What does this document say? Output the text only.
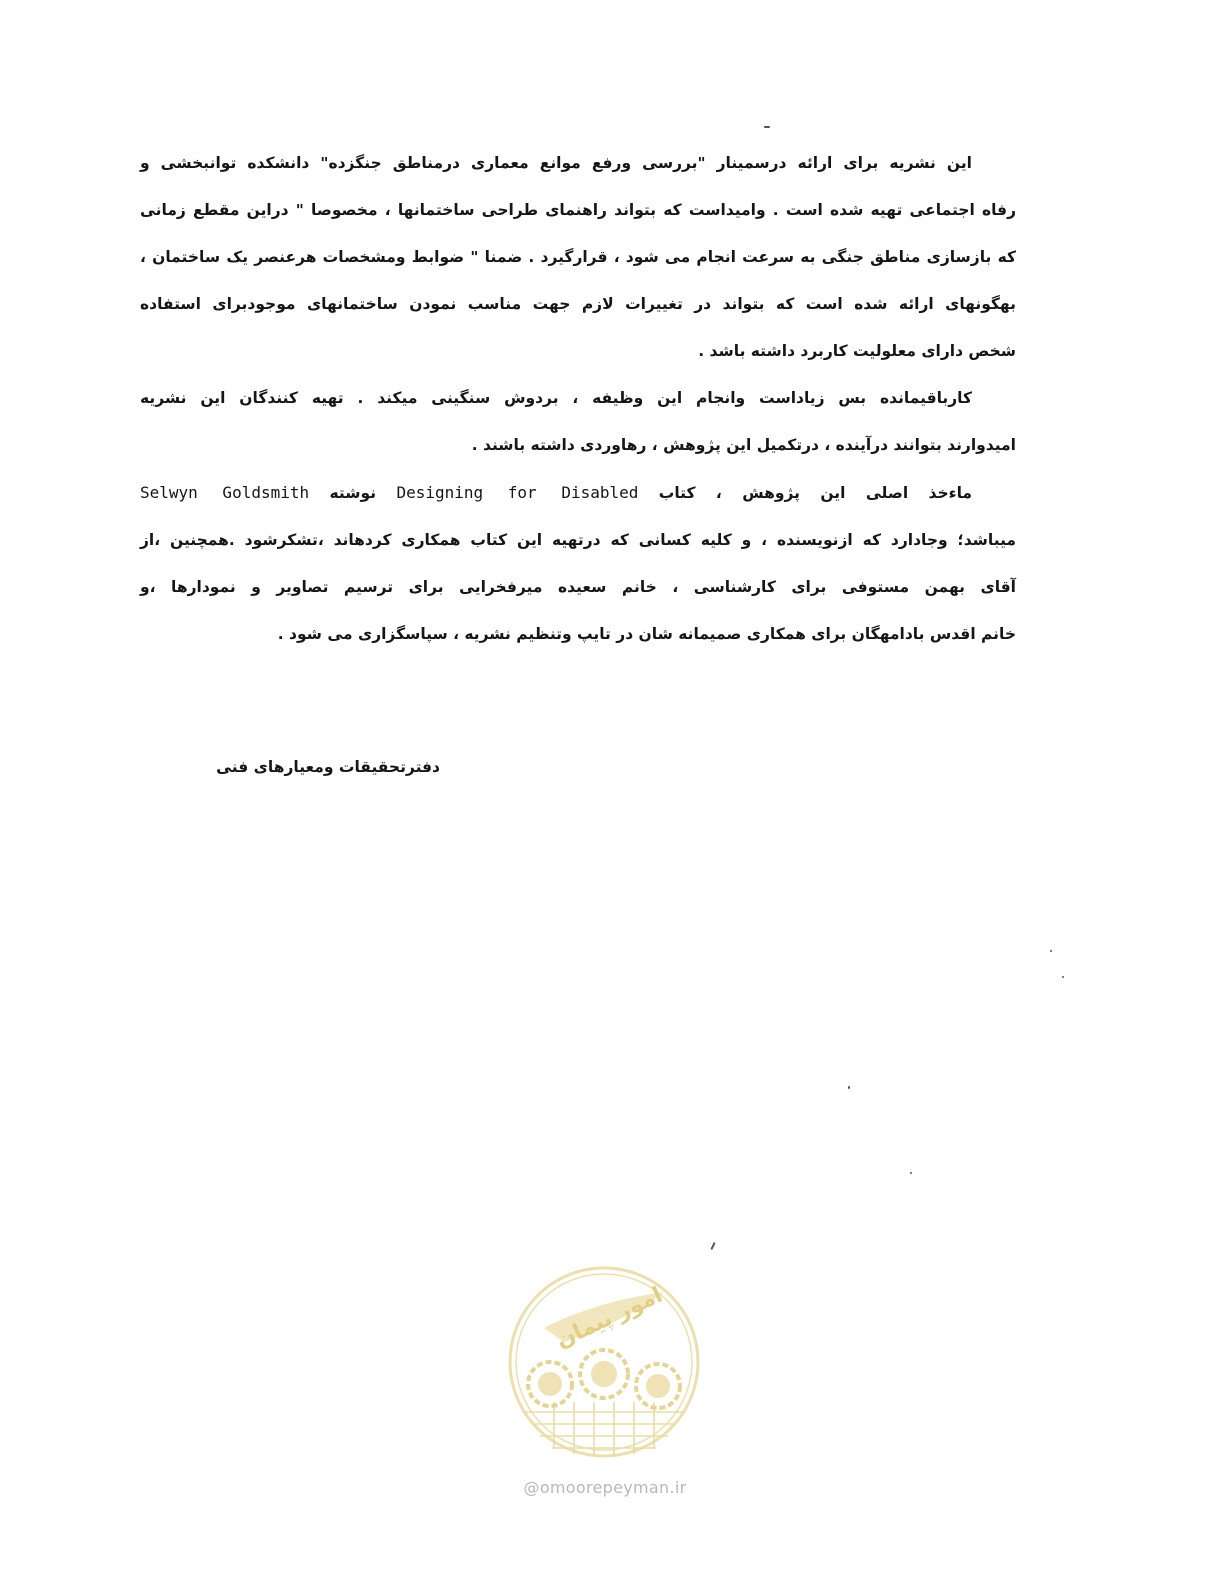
این نشریه برای ارائه درسمینار "بررسی ورفع موانع معماری درمناطق جنگزده" دانشکده توانبخشی و
رفاه اجتماعی تهیه شده است . وامیداست که بتواند راهنمای طراحی ساختمانها ، مخصوصا " دراین مقطع زمانی
که بازسازی مناطق جنگی به سرعت انجام می شود ، قرارگیرد . ضمنا " ضوابط ومشخصات هرعنصر یک ساختمان ،
بهگونهای ارائه شده است که بتواند در تغییرات لازم جهت مناسب نمودن ساختمانهای موجودبرای استفاده
شخص دارای معلولیت کاربرد داشته باشد .
کارباقیمانده بس زیاداست وانجام این وظیفه ، بردوش سنگینی میکند . تهیه کنندگان این نشریه
امیدوارند بتوانند درآینده ، درتکمیل این پژوهش ، رهاوردی داشته باشند .
ماءخذ اصلی این پژوهش ، کتاب Designing for Disabled نوشته Selwyn Goldsmith
میباشد؛ وجادارد که ازنویسنده ، و کلیه کسانی که درتهیه این کتاب همکاری کردهاند ،تشکرشود .همچنین ،از
آقای بهمن مستوفی برای کارشناسی ، خانم سعیده میرفخرایی برای ترسیم تصاویر و نمودارها ،و
خانم اقدس بادامهگان برای همکاری صمیمانه شان در تایپ وتنظیم نشریه ، سپاسگزاری می شود .
دفترتحقیقات ومعیارهای فنی
امور پیمان
@omoorepeyman.ir
